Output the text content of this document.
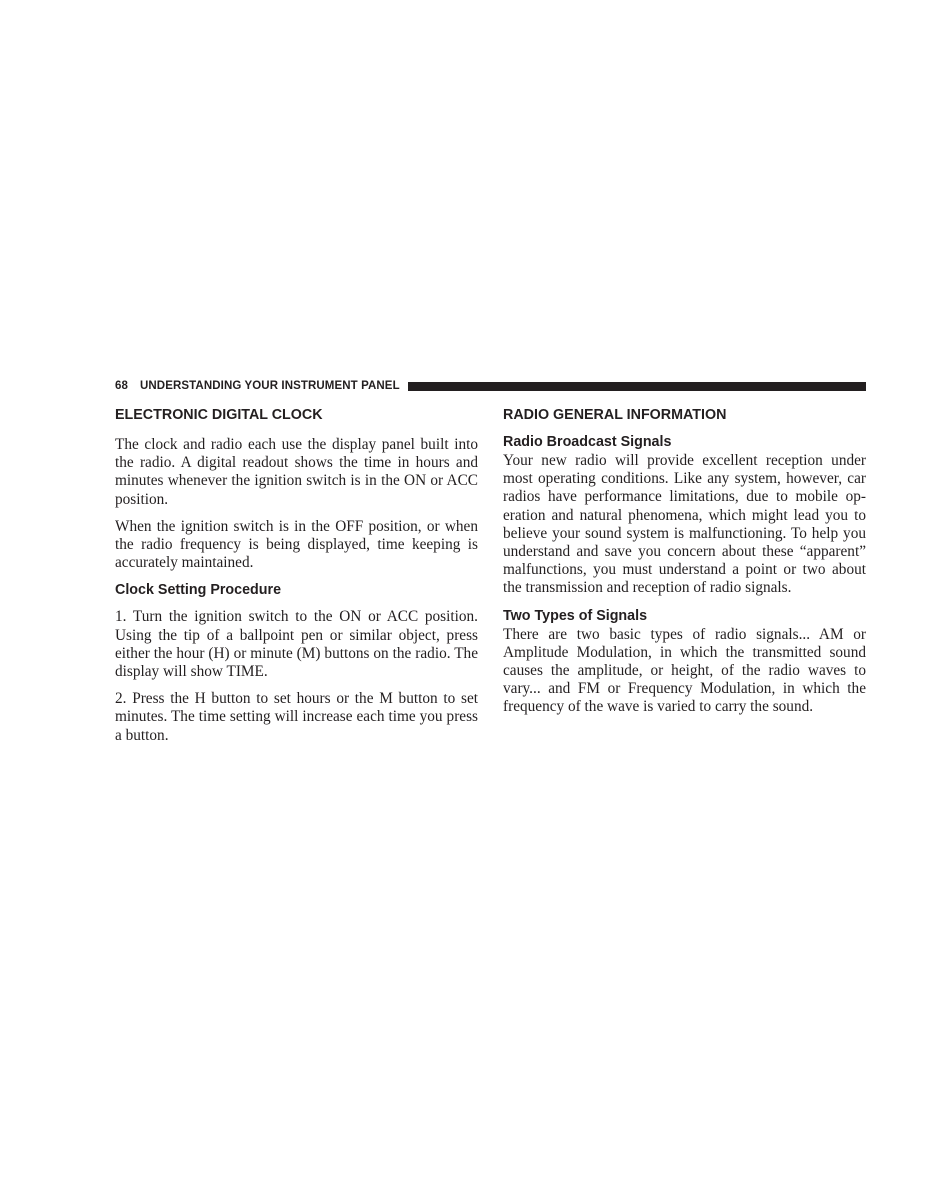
68 UNDERSTANDING YOUR INSTRUMENT PANEL
ELECTRONIC DIGITAL CLOCK

The clock and radio each use the display panel built into the radio. A digital readout shows the time in hours and minutes whenever the ignition switch is in the ON or ACC position.

When the ignition switch is in the OFF position, or when the radio frequency is being displayed, time keeping is accurately maintained.

Clock Setting Procedure

1. Turn the ignition switch to the ON or ACC position. Using the tip of a ballpoint pen or similar object, press either the hour (H) or minute (M) buttons on the radio. The display will show TIME.

2. Press the H button to set hours or the M button to set minutes. The time setting will increase each time you press a button.

RADIO GENERAL INFORMATION
Radio Broadcast Signals

Your new radio will provide excellent reception under most operating conditions. Like any system, however, car radios have performance limitations, due to mobile operation and natural phenomena, which might lead you to believe your sound system is malfunctioning. To help you understand and save you concern about these “apparent” malfunctions, you must understand a point or two about the transmission and reception of radio signals.

Two Types of Signals

There are two basic types of radio signals... AM or Amplitude Modulation, in which the transmitted sound causes the amplitude, or height, of the radio waves to vary... and FM or Frequency Modulation, in which the frequency of the wave is varied to carry the sound.
